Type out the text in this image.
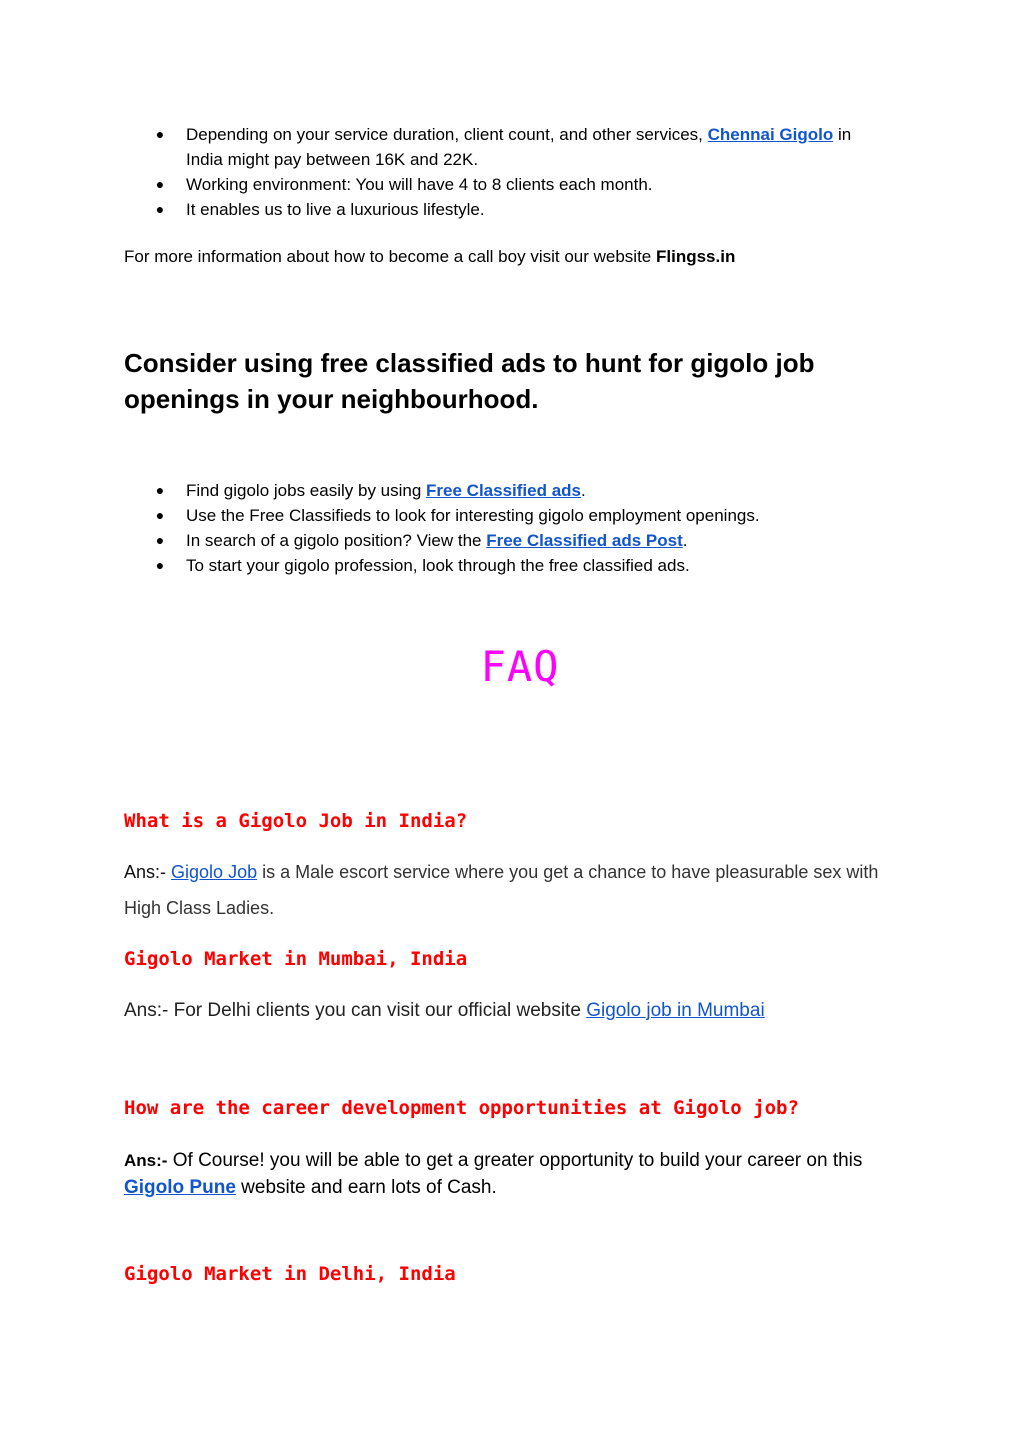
●	Depending on your service duration, client count, and other services, Chennai Gigolo in India might pay between 16K and 22K.
●	Working environment: You will have 4 to 8 clients each month.
●	It enables us to live a luxurious lifestyle.
For more information about how to become a call boy visit our website Flingss.in
Consider using free classified ads to hunt for gigolo job openings in your neighbourhood.
●	Find gigolo jobs easily by using Free Classified ads.
●	Use the Free Classifieds to look for interesting gigolo employment openings.
●	In search of a gigolo position? View the Free Classified ads Post.
●	To start your gigolo profession, look through the free classified ads.
FAQ
What is a Gigolo Job in India?
Ans:- Gigolo Job is a Male escort service where you get a chance to have pleasurable sex with High Class Ladies.
Gigolo Market in Mumbai, India
Ans:- For Delhi clients you can visit our official website Gigolo job in Mumbai
How are the career development opportunities at Gigolo job?
Ans:- Of Course! you will be able to get a greater opportunity to build your career on this Gigolo Pune website and earn lots of Cash.
Gigolo Market in Delhi, India
